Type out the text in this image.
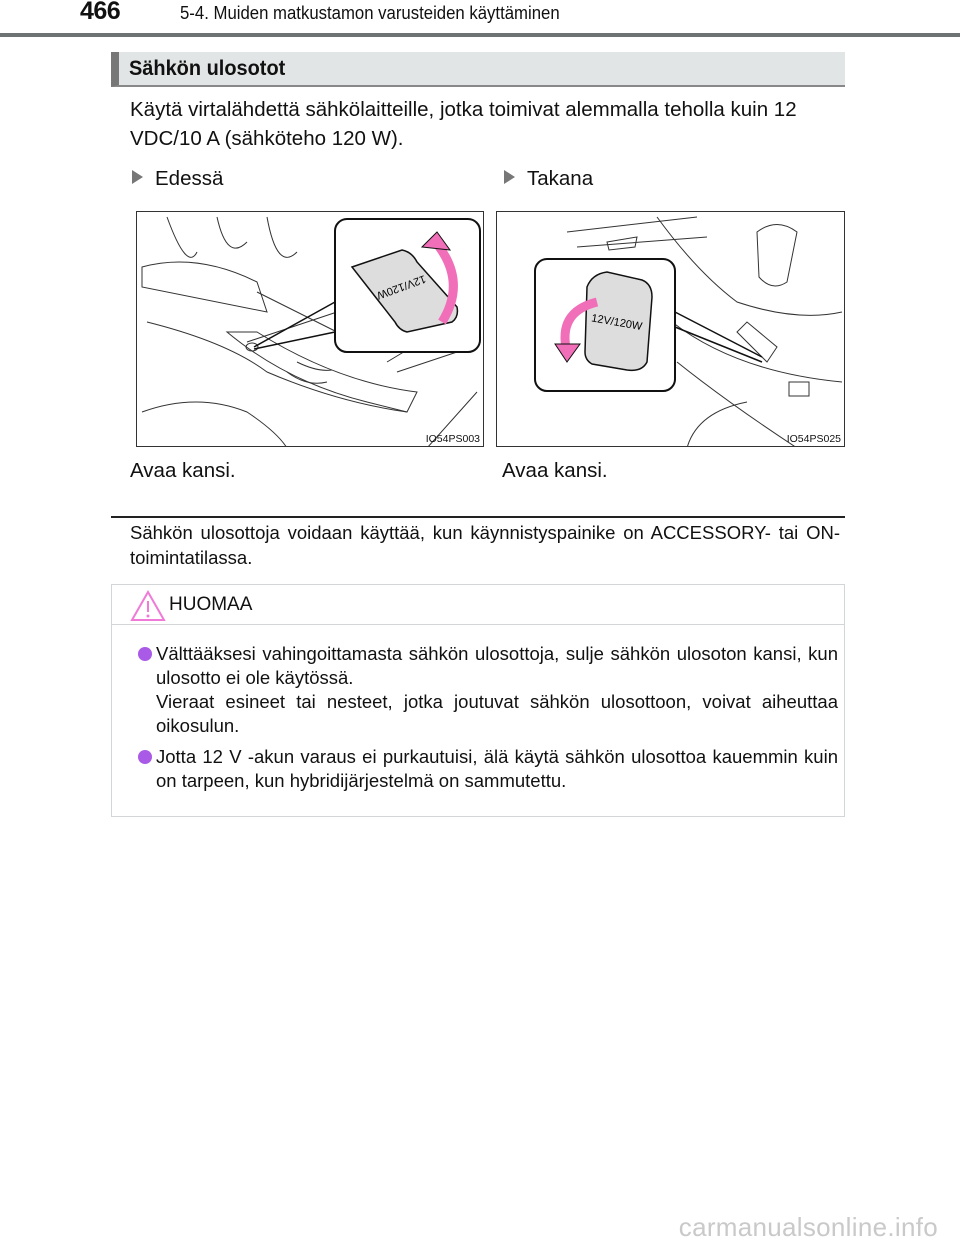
466	5-4. Muiden matkustamon varusteiden käyttäminen
Sähkön ulosotot
Käytä virtalähdettä sähkölaitteille, jotka toimivat alemmalla teholla kuin 12 VDC/10 A (sähköteho 120 W).
Edessä	Takana
12V/120W
IO54PS003
12V/120W
IO54PS025
Avaa kansi.	Avaa kansi.
Sähkön ulosottoja voidaan käyttää, kun käynnistyspainike on ACCESSORY- tai ON-toimintatilassa.
HUOMAA

Välttääksesi vahingoittamasta sähkön ulosottoja, sulje sähkön ulosoton kansi, kun ulosotto ei ole käytössä.

Vieraat esineet tai nesteet, jotka joutuvat sähkön ulosottoon, voivat aiheuttaa oikosulun.

Jotta 12 V -akun varaus ei purkautuisi, älä käytä sähkön ulosottoa kauemmin kuin on tarpeen, kun hybridijärjestelmä on sammutettu.

carmanualsonline.info
